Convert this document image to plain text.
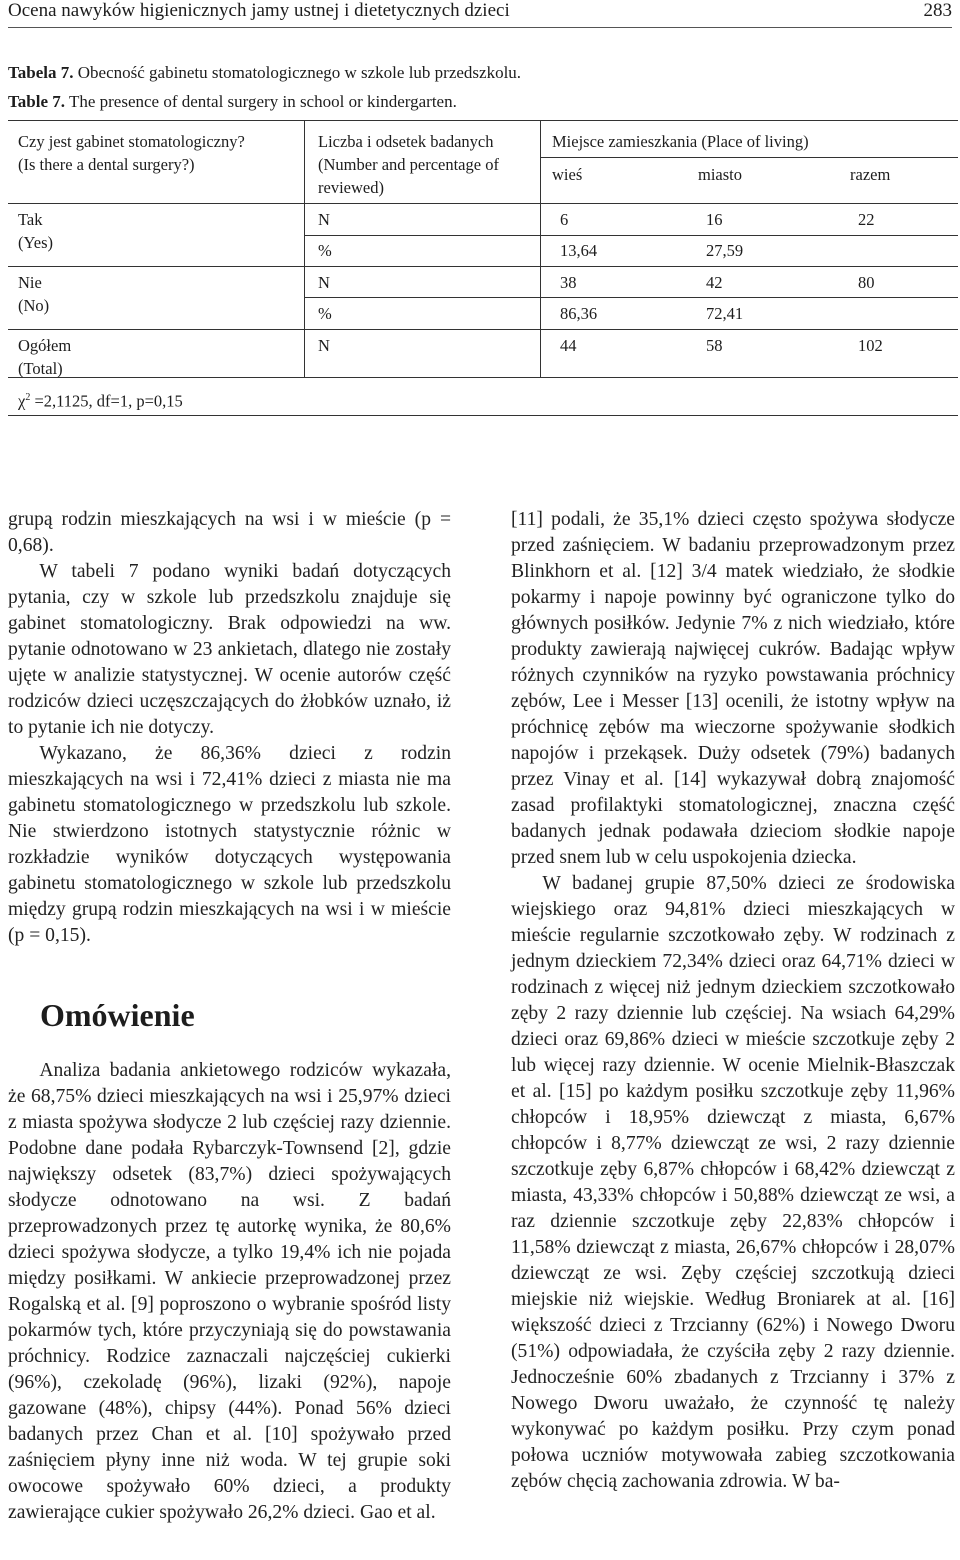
Ocena nawyków higienicznych jamy ustnej i dietetycznych dzieci	283
Tabela 7. Obecność gabinetu stomatologicznego w szkole lub przedszkolu.
Table 7. The presence of dental surgery in school or kindergarten.
Czy jest gabinet stomatologiczny?
(Is there a dental surgery?)
Liczba i odsetek badanych
(Number and percentage of
reviewed)
Miejsce zamieszkania (Place of living)
wieś	miasto	razem
Tak
(Yes)
N	6	16	22
%	13,64	27,59
Nie
(No)
N	38	42	80
%	86,36	72,41
Ogółem
(Total)
N	44	58	102
$\chi^2 =2,1125$, df=1, p=0,15

grupą rodzin mieszkających na wsi i w mieście (p = 0,68).

W tabeli 7 podano wyniki badań dotyczących pytania, czy w szkole lub przedszkolu znajduje się gabinet stomatologiczny. Brak odpowiedzi na ww. pytanie odnotowano w 23 ankietach, dlatego nie zostały ujęte w analizie statystycznej. W ocenie autorów część rodziców dzieci uczęszczających do żłobków uznało, iż to pytanie ich nie dotyczy.

Wykazano, że 86,36% dzieci z rodzin mieszkających na wsi i 72,41% dzieci z miasta nie ma gabinetu stomatologicznego w przedszkolu lub szkole. Nie stwierdzono istotnych statystycznie różnic w rozkładzie wyników dotyczących występowania gabinetu stomatologicznego w szkole lub przedszkolu między grupą rodzin mieszkających na wsi i w mieście (p = 0,15).

Omówienie

Analiza badania ankietowego rodziców wykazała, że 68,75% dzieci mieszkających na wsi i 25,97% dzieci z miasta spożywa słodycze 2 lub częściej razy dziennie. Podobne dane podała Rybarczyk-Townsend [2], gdzie największy odsetek (83,7%) dzieci spożywających słodycze odnotowano na wsi. Z badań przeprowadzonych przez tę autorkę wynika, że 80,6% dzieci spożywa słodycze, a tylko 19,4% ich nie pojada między posiłkami. W ankiecie przeprowadzonej przez Rogalską et al. [9] poproszono o wybranie spośród listy pokarmów tych, które przyczyniają się do powstawania próchnicy. Rodzice zaznaczali najczęściej cukierki (96%), czekoladę (96%), lizaki (92%), napoje gazowane (48%), chipsy (44%). Ponad 56% dzieci badanych przez Chan et al. [10] spożywało przed zaśnięciem płyny inne niż woda. W tej grupie soki owocowe spożywało 60% dzieci, a produkty zawierające cukier spożywało 26,2% dzieci. Gao et al.

[11] podali, że 35,1% dzieci często spożywa słodycze przed zaśnięciem. W badaniu przeprowadzonym przez Blinkhorn et al. [12] 3/4 matek wiedziało, że słodkie pokarmy i napoje powinny być ograniczone tylko do głównych posiłków. Jedynie 7% z nich wiedziało, które produkty zawierają najwięcej cukrów. Badając wpływ różnych czynników na ryzyko powstawania próchnicy zębów, Lee i Messer [13] ocenili, że istotny wpływ na próchnicę zębów ma wieczorne spożywanie słodkich napojów i przekąsek. Duży odsetek (79%) badanych przez Vinay et al. [14] wykazywał dobrą znajomość zasad profilaktyki stomatologicznej, znaczna część badanych jednak podawała dzieciom słodkie napoje przed snem lub w celu uspokojenia dziecka.

W badanej grupie 87,50% dzieci ze środowiska wiejskiego oraz 94,81% dzieci mieszkających w mieście regularnie szczotkowało zęby. W rodzinach z jednym dzieckiem 72,34% dzieci oraz 64,71% dzieci w rodzinach z więcej niż jednym dzieckiem szczotkowało zęby 2 razy dziennie lub częściej. Na wsiach 64,29% dzieci oraz 69,86% dzieci w mieście szczotkuje zęby 2 lub więcej razy dziennie. W ocenie Mielnik-Błaszczak et al. [15] po każdym posiłku szczotkuje zęby 11,96% chłopców i 18,95% dziewcząt z miasta, 6,67% chłopców i 8,77% dziewcząt ze wsi, 2 razy dziennie szczotkuje zęby 6,87% chłopców i 68,42% dziewcząt z miasta, 43,33% chłopców i 50,88% dziewcząt ze wsi, a raz dziennie szczotkuje zęby 22,83% chłopców i 11,58% dziewcząt z miasta, 26,67% chłopców i 28,07% dziewcząt ze wsi. Zęby częściej szczotkują dzieci miejskie niż wiejskie. Według Broniarek at al. [16] większość dzieci z Trzcianny (62%) i Nowego Dworu (51%) odpowiadała, że czyściła zęby 2 razy dziennie. Jednocześnie 60% zbadanych z Trzcianny i 37% z Nowego Dworu uważało, że czynność tę należy wykonywać po każdym posiłku. Przy czym ponad połowa uczniów motywowała zabieg szczotkowania zębów chęcią zachowania zdrowia. W ba-
